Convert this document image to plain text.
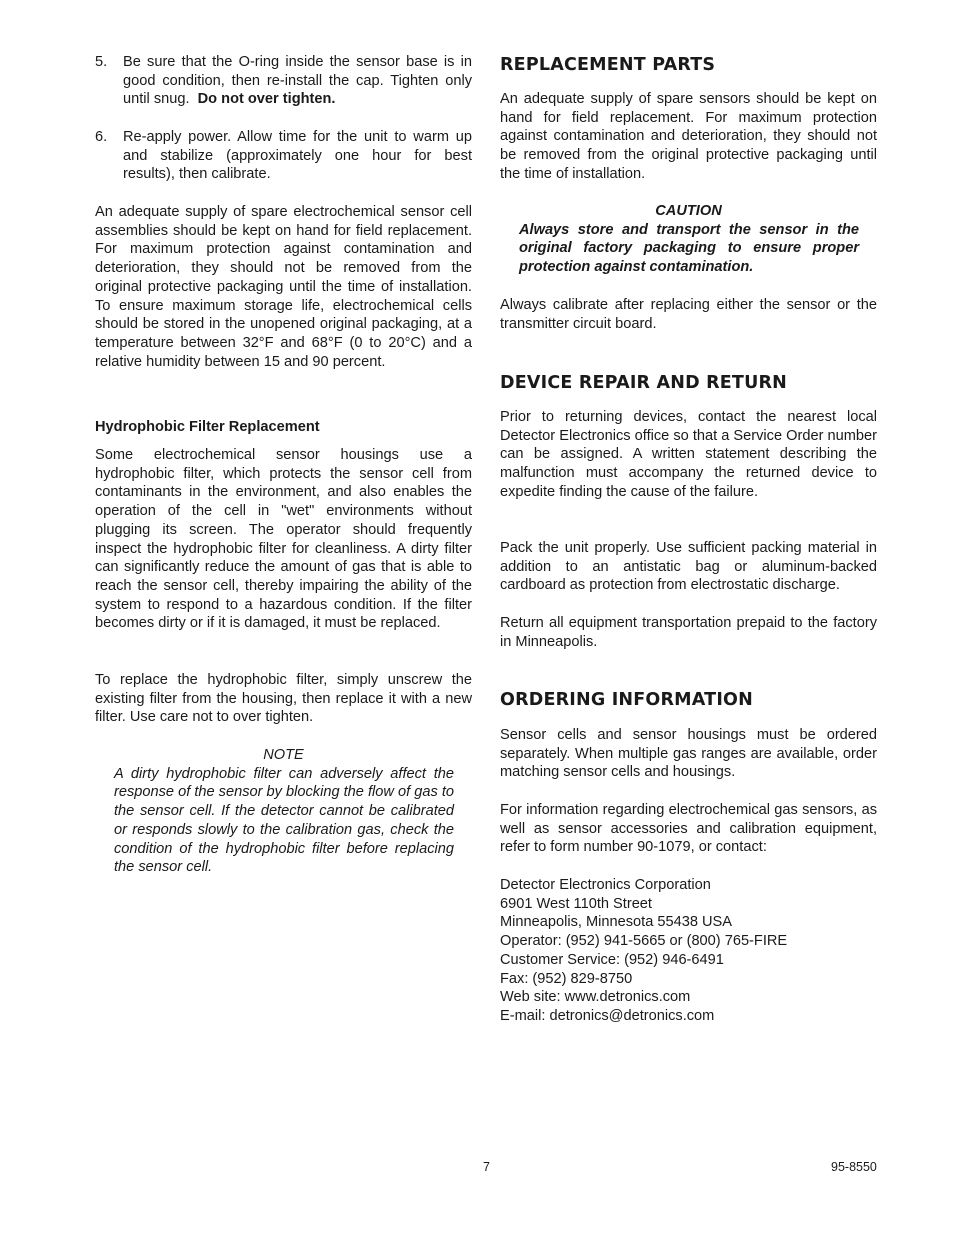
5. Be sure that the O-ring inside the sensor base is in good condition, then re-install the cap. Tighten only until snug. Do not over tighten.

6. Re-apply power. Allow time for the unit to warm up and stabilize (approximately one hour for best results), then calibrate.

An adequate supply of spare electrochemical sensor cell assemblies should be kept on hand for field replacement. For maximum protection against contamination and deterioration, they should not be removed from the original protective packaging until the time of installation. To ensure maximum storage life, electrochemical cells should be stored in the unopened original packaging, at a temperature between 32°F and 68°F (0 to 20°C) and a relative humidity between 15 and 90 percent.

Hydrophobic Filter Replacement

Some electrochemical sensor housings use a hydrophobic filter, which protects the sensor cell from contaminants in the environment, and also enables the operation of the cell in "wet" environments without plugging its screen. The operator should frequently inspect the hydrophobic filter for cleanliness. A dirty filter can significantly reduce the amount of gas that is able to reach the sensor cell, thereby impairing the ability of the system to respond to a hazardous condition. If the filter becomes dirty or if it is damaged, it must be replaced.

To replace the hydrophobic filter, simply unscrew the existing filter from the housing, then replace it with a new filter. Use care not to over tighten.

NOTE

A dirty hydrophobic filter can adversely affect the response of the sensor by blocking the flow of gas to the sensor cell. If the detector cannot be calibrated or responds slowly to the calibration gas, check the condition of the hydrophobic filter before replacing the sensor cell.

REPLACEMENT PARTS

An adequate supply of spare sensors should be kept on hand for field replacement. For maximum protection against contamination and deterioration, they should not be removed from the original protective packaging until the time of installation.

CAUTION

Always store and transport the sensor in the original factory packaging to ensure proper protection against contamination.

Always calibrate after replacing either the sensor or the transmitter circuit board.

DEVICE REPAIR AND RETURN

Prior to returning devices, contact the nearest local Detector Electronics office so that a Service Order number can be assigned. A written statement describing the malfunction must accompany the returned device to expedite finding the cause of the failure.

Pack the unit properly. Use sufficient packing material in addition to an antistatic bag or aluminum-backed cardboard as protection from electrostatic discharge.

Return all equipment transportation prepaid to the factory in Minneapolis.

ORDERING INFORMATION

Sensor cells and sensor housings must be ordered separately. When multiple gas ranges are available, order matching sensor cells and housings.

For information regarding electrochemical gas sensors, as well as sensor accessories and calibration equipment, refer to form number 90-1079, or contact:

Detector Electronics Corporation
6901 West 110th Street
Minneapolis, Minnesota 55438 USA
Operator: (952) 941-5665 or (800) 765-FIRE
Customer Service: (952) 946-6491
Fax: (952) 829-8750
Web site: www.detronics.com
E-mail: detronics@detronics.com
7	95-8550
